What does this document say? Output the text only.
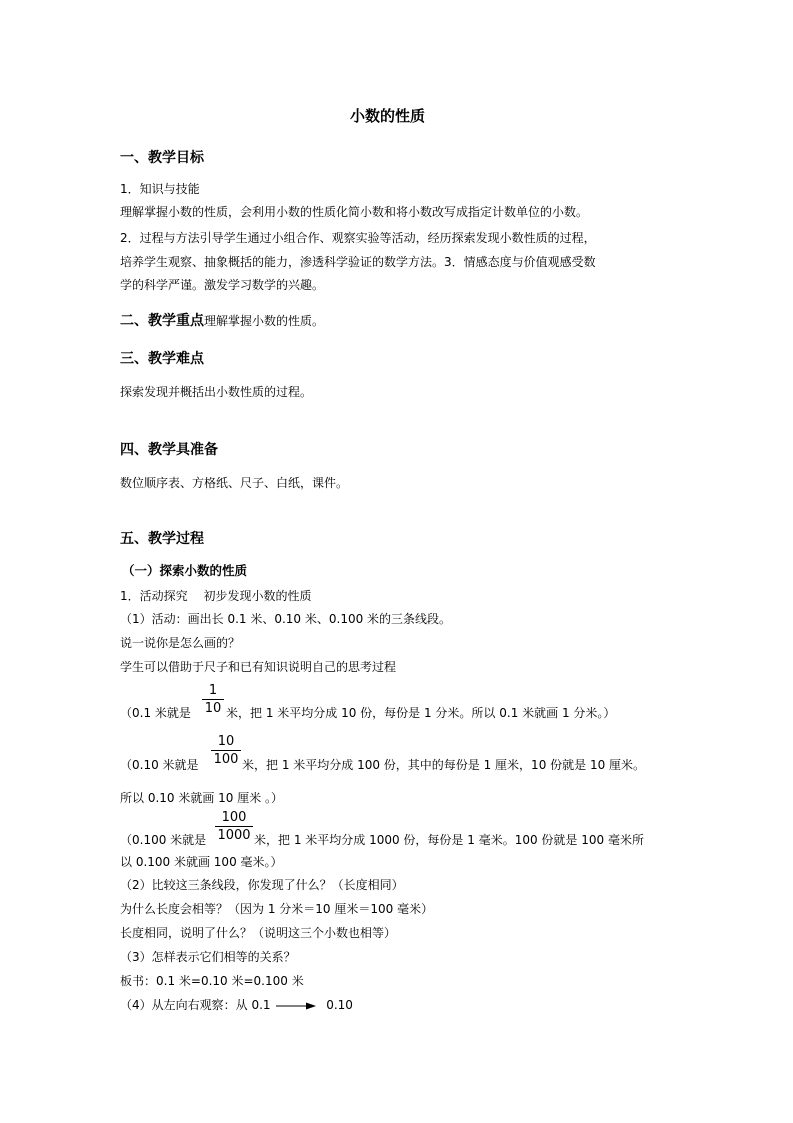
小数的性质
一、教学目标
1．知识与技能
理解掌握小数的性质，会利用小数的性质化简小数和将小数改写成指定计数单位的小数。
2．过程与方法引导学生通过小组合作、观察实验等活动，经历探索发现小数性质的过程，
培养学生观察、抽象概括的能力，渗透科学验证的数学方法。3．情感态度与价值观感受数
学的科学严谨。激发学习数学的兴趣。
二、教学重点理解掌握小数的性质。
三、教学难点
探索发现并概括出小数性质的过程。
四、教学具准备
数位顺序表、方格纸、尺子、白纸，课件。
五、教学过程
（一）探索小数的性质
1．活动探究　 初步发现小数的性质
（1）活动：画出长 0.1 米、0.10 米、0.100 米的三条线段。
说一说你是怎么画的？
学生可以借助于尺子和已有知识说明自己的思考过程
（0.1 米就是
1
10 米，把 1 米平均分成 10 份，每份是 1 分米。所以 0.1 米就画 1 分米。）
（0.10 米就是
10
100 米，把 1 米平均分成 100 份，其中的每份是 1 厘米，10 份就是 10 厘米。
所以 0.10 米就画 10 厘米 。）
（0.100 米就是
100
1000 米，把 1 米平均分成 1000 份，每份是 1 毫米。100 份就是 100 毫米所
以 0.100 米就画 100 毫米。）
（2）比较这三条线段，你发现了什么？（长度相同）
为什么长度会相等？（因为 1 分米＝10 厘米＝100 毫米）
长度相同，说明了什么？（说明这三个小数也相等）
（3）怎样表示它们相等的关系？
板书：0.1 米=0.10 米=0.100 米
（4）从左向右观察：从 0.1	0.10
